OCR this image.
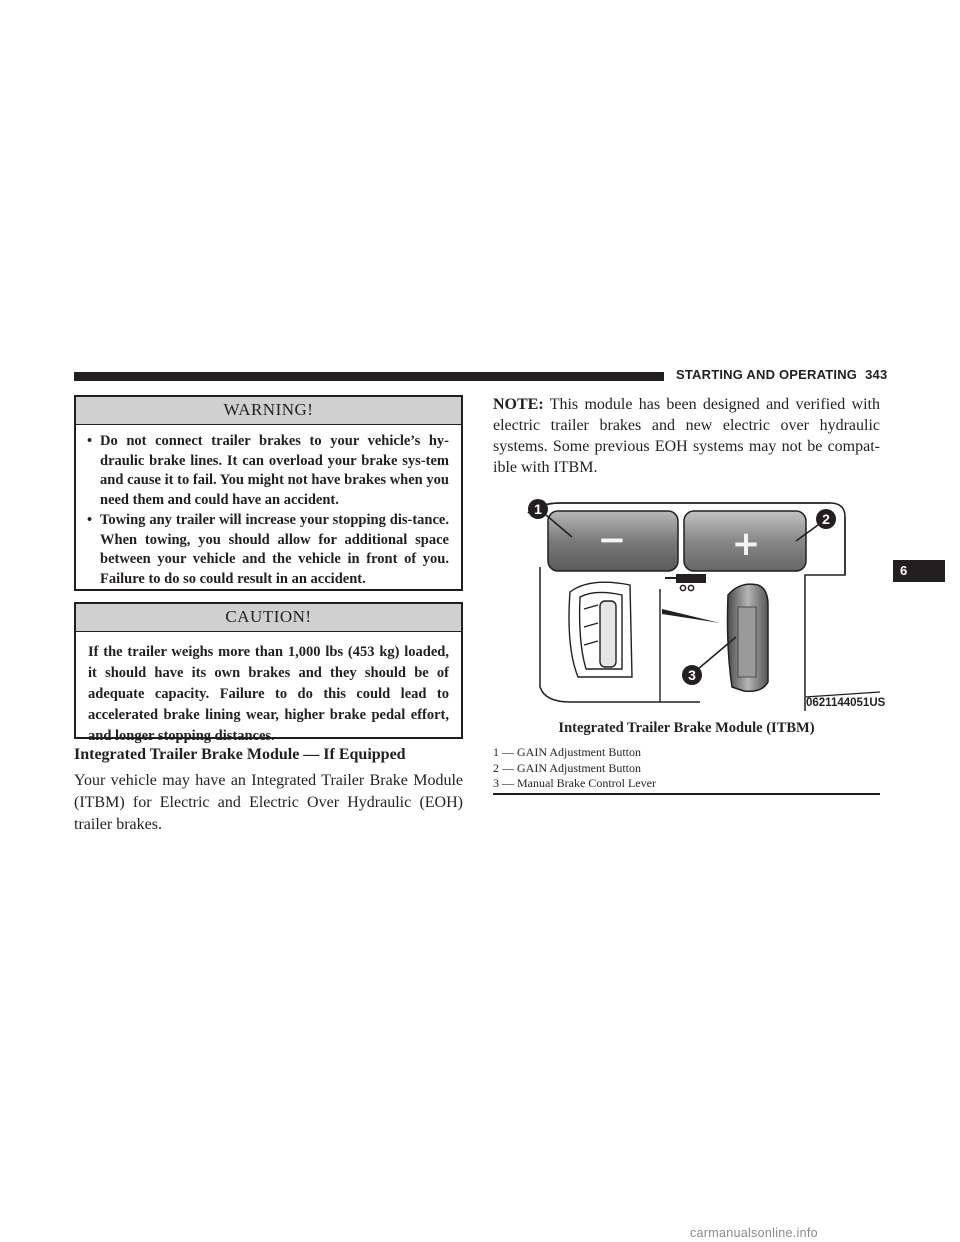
STARTING AND OPERATING 343
WARNING!
• Do not connect trailer brakes to your vehicle’s hy-draulic brake lines. It can overload your brake sys-tem and cause it to fail. You might not have brakes when you need them and could have an accident.
• Towing any trailer will increase your stopping dis-tance. When towing, you should allow for additional space between your vehicle and the vehicle in front of you. Failure to do so could result in an accident.
CAUTION!

If the trailer weighs more than 1,000 lbs (453 kg) loaded, it should have its own brakes and they should be of adequate capacity. Failure to do this could lead to accelerated brake lining wear, higher brake pedal effort, and longer stopping distances.

Integrated Trailer Brake Module — If Equipped

Your vehicle may have an Integrated Trailer Brake Module (ITBM) for Electric and Electric Over Hydraulic (EOH) trailer brakes.

NOTE: This module has been designed and verified with electric trailer brakes and new electric over hydraulic systems. Some previous EOH systems may not be compat-ible with ITBM.

−	+
1
2
3
0621144051US
Integrated Trailer Brake Module (ITBM)
1 — GAIN Adjustment Button
2 — GAIN Adjustment Button
3 — Manual Brake Control Lever
6
carmanualsonline.info
